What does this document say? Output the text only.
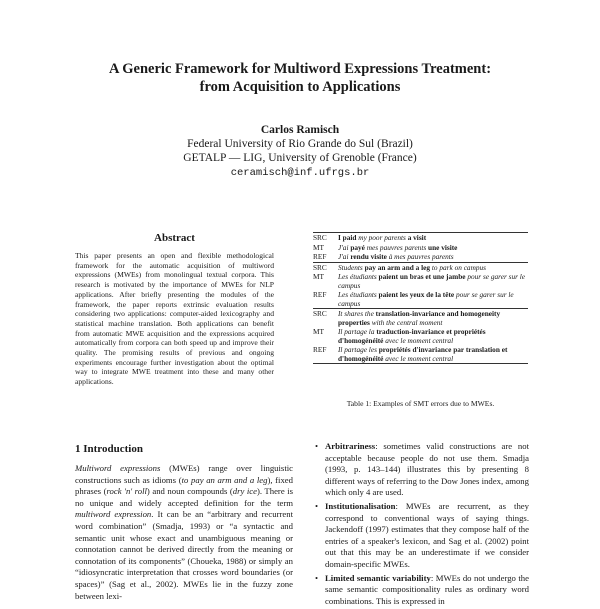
A Generic Framework for Multiword Expressions Treatment:
from Acquisition to Applications
Carlos Ramisch
Federal University of Rio Grande do Sul (Brazil)
GETALP — LIG, University of Grenoble (France)
ceramisch@inf.ufrgs.br
Abstract

This paper presents an open and flexible methodological framework for the automatic acquisition of multiword expressions (MWEs) from monolingual textual corpora. This research is motivated by the importance of MWEs for NLP applications. After briefly presenting the modules of the framework, the paper reports extrinsic evaluation results considering two applications: computer-aided lexicography and statistical machine translation. Both applications can benefit from automatic MWE acquisition and the expressions acquired automatically from corpora can both speed up and improve their quality. The promising results of previous and ongoing experiments encourage further investigation about the optimal way to integrate MWE treatment into these and many other applications.

SRC	I paid my poor parents a visit
MT	J'ai payé mes pauvres parents une visite
REF	J'ai rendu visite à mes pauvres parents
SRC	Students pay an arm and a leg to park on campus
MT	Les étudiants paient un bras et une jambe pour se garer sur le campus
REF	Les étudiants paient les yeux de la tête pour se garer sur le campus
SRC	It shares the translation-invariance and homogeneity properties with the central moment
MT	Il partage la traduction-invariance et propriétés d'homogénéité avec le moment central
REF	Il partage les propriétés d'invariance par translation et d'homogénéité avec le moment central
Table 1: Examples of SMT errors due to MWEs.
1 Introduction

Multiword expressions (MWEs) range over linguistic constructions such as idioms (to pay an arm and a leg), fixed phrases (rock 'n' roll) and noun compounds (dry ice). There is no unique and widely accepted definition for the term multiword expression. It can be an “arbitrary and recurrent word combination” (Smadja, 1993) or “a syntactic and semantic unit whose exact and unambiguous meaning or connotation cannot be derived directly from the meaning or connotation of its components” (Choueka, 1988) or simply an “idiosyncratic interpretation that crosses word boundaries (or spaces)” (Sag et al., 2002). MWEs lie in the fuzzy zone between lexi-

• Arbitrariness: sometimes valid constructions are not acceptable because people do not use them. Smadja (1993, p. 143–144) illustrates this by presenting 8 different ways of referring to the Dow Jones index, among which only 4 are used.
• Institutionalisation: MWEs are recurrent, as they correspond to conventional ways of saying things. Jackendoff (1997) estimates that they compose half of the entries of a speaker's lexicon, and Sag et al. (2002) point out that this may be an underestimate if we consider domain-specific MWEs.
• Limited semantic variability: MWEs do not undergo the same semantic compositionality rules as ordinary word combinations. This is expressed in
